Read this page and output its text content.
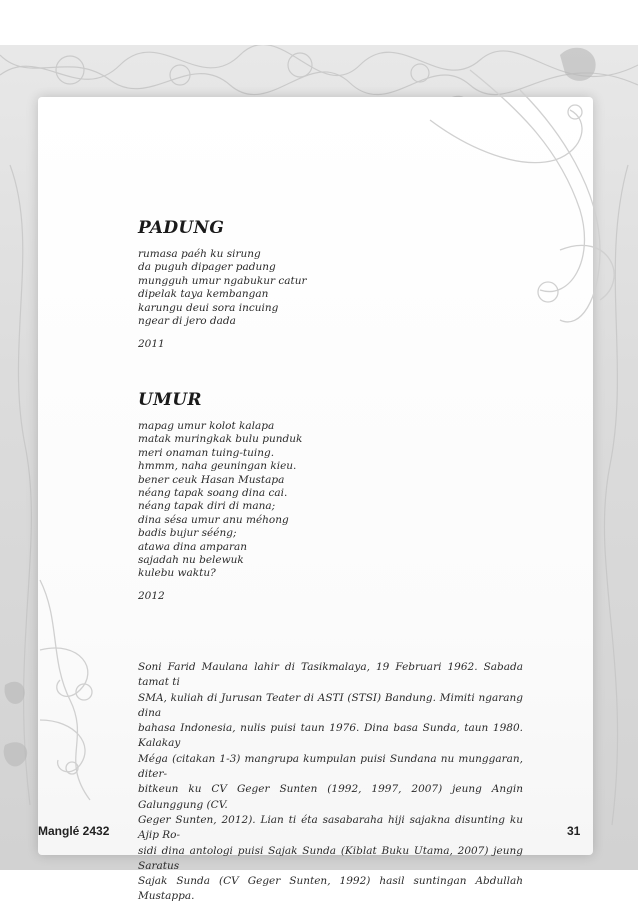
PADUNG
rumasa paéh ku sirung
da puguh dipager padung
mungguh umur ngabukur catur
dipelak taya kembangan
karungu deui sora incuing
ngear di jero dada

2011

UMUR
mapag umur kolot kalapa
matak muringkak bulu punduk
meri onaman tuing-tuing.
hmmm, naha geuningan kieu.
bener ceuk Hasan Mustapa
néang tapak soang dina cai.
néang tapak diri di mana;
dina sésa umur anu méhong
badis bujur sééng;
atawa dina amparan
sajadah nu belewuk
kulebu waktu?

2012

Soni Farid Maulana lahir di Tasikmalaya, 19 Februari 1962. Sabada tamat ti
SMA, kuliah di Jurusan Teater di ASTI (STSI) Bandung. Mimiti ngarang dina
bahasa Indonesia, nulis puisi taun 1976. Dina basa Sunda, taun 1980. Kalakay
Méga (citakan 1-3) mangrupa kumpulan puisi Sundana nu munggaran, diter-
bitkeun ku CV Geger Sunten (1992, 1997, 2007) jeung Angin Galunggung (CV.
Geger Sunten, 2012). Lian ti éta sasabaraha hiji sajakna disunting ku Ajip Ro-
sidi dina antologi puisi Sajak Sunda (Kiblat Buku Utama, 2007) jeung Saratus
Sajak Sunda (CV Geger Sunten, 1992) hasil suntingan Abdullah Mustappa.
Manglé 2432	31
